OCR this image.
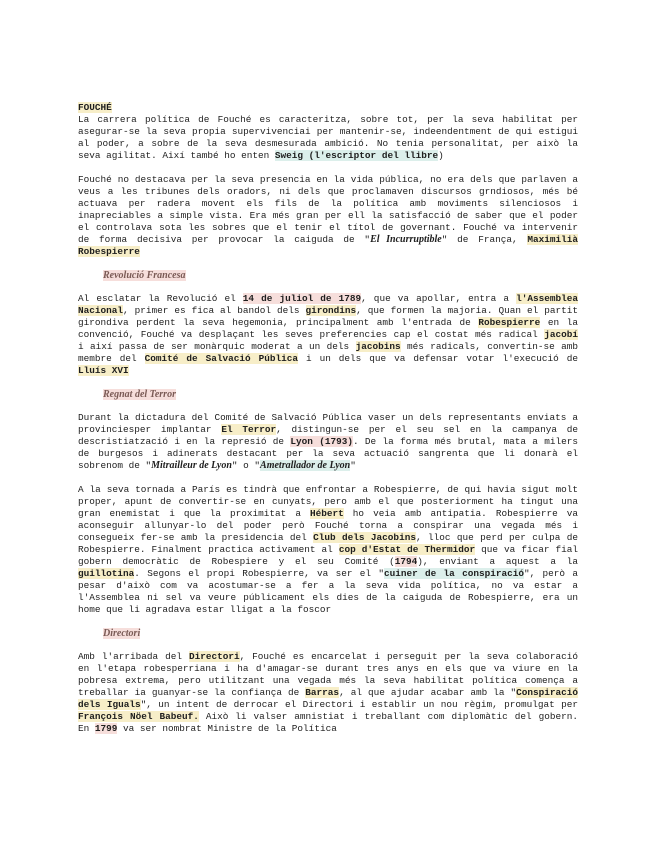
FOUCHÉ

La carrera política de Fouché es caracteritza, sobre tot, per la seva habilitat per asegurar-se la seva propia supervivenciai per mantenir-se, indeendentment de qui estigui al poder, a sobre de la seva desmesurada ambició. No tenia personalitat, per això la seva agilitat. Així també ho enten Sweig (l'escriptor del llibre)

Fouché no destacava per la seva presencia en la vida pública, no era dels que parlaven a veus a les tribunes dels oradors, ni dels que proclamaven discursos grndiosos, més bé actuava per radera movent els fils de la política amb moviments silenciosos i inapreciables a simple vista. Era més gran per ell la satisfacció de saber que el poder el controlava sota les sobres que el tenir el títol de governant. Fouché va intervenir de forma decisiva per provocar la caiguda de "El Incurruptible" de França, Maximilià Robespierre

Revolució Francesa

Al esclatar la Revolució el 14 de juliol de 1789, que va apollar, entra a l'Assemblea Nacional, primer es fica al bandol dels girondins, que formen la majoria. Quan el partit girondiva perdent la seva hegemonia, principalment amb l'entrada de Robespierre en la convenció, Fouché va desplaçant les seves preferencies cap el costat més radical jacobí i així passa de ser monàrquic moderat a un dels jacobins més radicals, convertin-se amb membre del Comité de Salvació Pública i un dels que va defensar votar l'execució de Lluís XVI

Regnat del Terror

Durant la dictadura del Comité de Salvació Pública vaser un dels representants enviats a provinciesper implantar El Terror, distingun-se per el seu sel en la campanya de descristiatzació i en la represió de Lyon (1793). De la forma més brutal, mata a milers de burgesos i adinerats destacant per la seva actuació sangrenta que li donarà el sobrenom de "Mitrailleur de Lyon" o "Ametrallador de Lyon"

A la seva tornada a París es tindrà que enfrontar a Robespierre, de qui havia sigut molt proper, apunt de convertir-se en cunyats, pero amb el que posteriorment ha tingut una gran enemistat i que la proximitat a Hébert ho veia amb antipatia. Robespierre va aconseguir allunyar-lo del poder però Fouché torna a conspirar una vegada més i consegueix fer-se amb la presidencia del Club dels Jacobins, lloc que perd per culpa de Robespierre. Finalment practica activament al cop d'Estat de Thermidor que va ficar fial gobern democràtic de Robespiere y el seu Comité (1794), enviant a aquest a la guillotina. Segons el propi Robespierre, va ser el "cuiner de la conspiració", però a pesar d'això com va acostumar-se a fer a la seva vida política, no va estar a l'Assemblea ni sel va veure públicament els dies de la caiguda de Robespierre, era un home que li agradava estar lligat a la foscor

Directori

Amb l'arribada del Directori, Fouché es encarcelat i perseguit per la seva colaboració en l'etapa robesperriana i ha d'amagar-se durant tres anys en els que va viure en la pobresa extrema, pero utilitzant una vegada més la seva habilitat política comença a treballar ia guanyar-se la confiança de Barras, al que ajudar acabar amb la "Conspiració dels Iguals", un intent de derrocar el Directori i establir un nou règim, promulgat per François Nöel Babeuf. Això li valser amnistiat i treballant com diplomàtic del gobern. En 1799 va ser nombrat Ministre de la Política
